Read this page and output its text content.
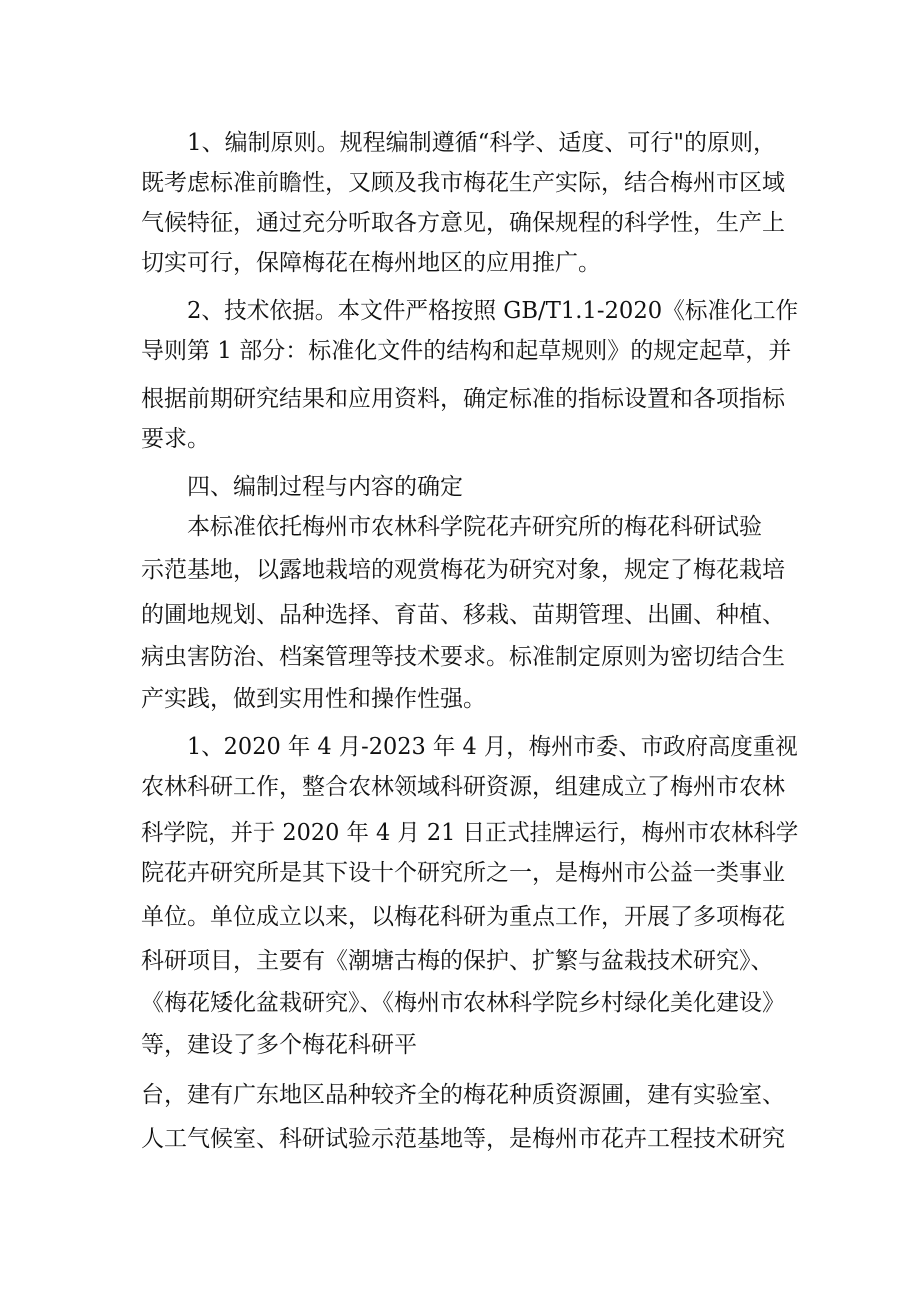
1、编制原则。规程编制遵循“科学、适度、可行"的原则，
既考虑标准前瞻性，又顾及我市梅花生产实际，结合梅州市区域
气候特征，通过充分听取各方意见，确保规程的科学性，生产上
切实可行，保障梅花在梅州地区的应用推广。
2、技术依据。本文件严格按照 GB/T1.1-2020《标准化工作
导则第 1 部分：标准化文件的结构和起草规则》的规定起草，并
根据前期研究结果和应用资料，确定标准的指标设置和各项指标
要求。
四、编制过程与内容的确定
本标准依托梅州市农林科学院花卉研究所的梅花科研试验
示范基地，以露地栽培的观赏梅花为研究对象，规定了梅花栽培
的圃地规划、品种选择、育苗、移栽、苗期管理、出圃、种植、
病虫害防治、档案管理等技术要求。标准制定原则为密切结合生
产实践，做到实用性和操作性强。
1、2020 年 4 月-2023 年 4 月，梅州市委、市政府高度重视
农林科研工作，整合农林领域科研资源，组建成立了梅州市农林
科学院，并于 2020 年 4 月 21 日正式挂牌运行，梅州市农林科学
院花卉研究所是其下设十个研究所之一，是梅州市公益一类事业
单位。单位成立以来，以梅花科研为重点工作，开展了多项梅花
科研项目，主要有《潮塘古梅的保护、扩繁与盆栽技术研究》、
《梅花矮化盆栽研究》、《梅州市农林科学院乡村绿化美化建设》
等，建设了多个梅花科研平
台，建有广东地区品种较齐全的梅花种质资源圃，建有实验室、
人工气候室、科研试验示范基地等，是梅州市花卉工程技术研究
